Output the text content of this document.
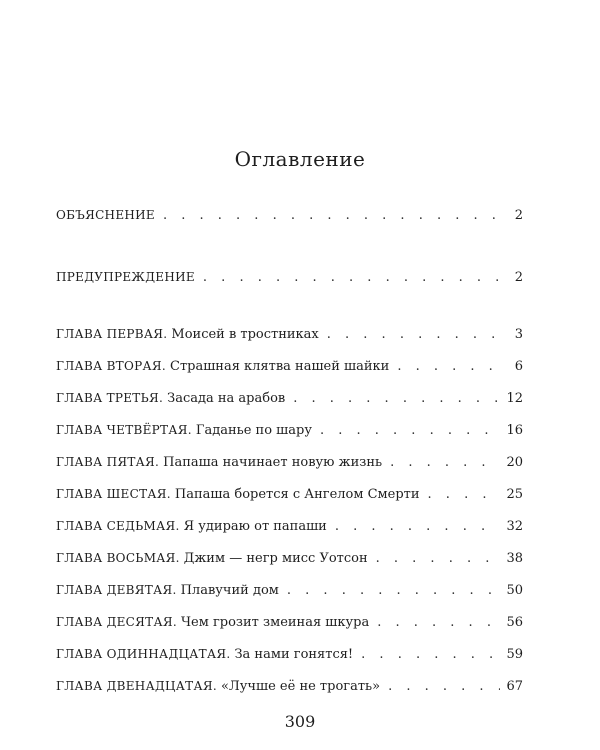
Оглавление
ОБЪЯСНЕНИЕ . . .	2
ПРЕДУПРЕЖДЕНИЕ . . .	2
ГЛАВА ПЕРВАЯ. Моисей в тростниках . . .	3
ГЛАВА ВТОРАЯ. Страшная клятва нашей шайки . . .	6
ГЛАВА ТРЕТЬЯ. Засада на арабов . . .	12
ГЛАВА ЧЕТВЁРТАЯ. Гаданье по шару . . .	16
ГЛАВА ПЯТАЯ. Папаша начинает новую жизнь . . .	20
ГЛАВА ШЕСТАЯ. Папаша борется с Ангелом Смерти . . .	25
ГЛАВА СЕДЬМАЯ. Я удираю от папаши . . .	32
ГЛАВА ВОСЬМАЯ. Джим — негр мисс Уотсон . . .	38
ГЛАВА ДЕВЯТАЯ. Плавучий дом . . .	50
ГЛАВА ДЕСЯТАЯ. Чем грозит змеиная шкура . . .	56
ГЛАВА ОДИННАДЦАТАЯ. За нами гонятся! . . .	59
ГЛАВА ДВЕНАДЦАТАЯ. «Лучше её не трогать» . . .	67
309
